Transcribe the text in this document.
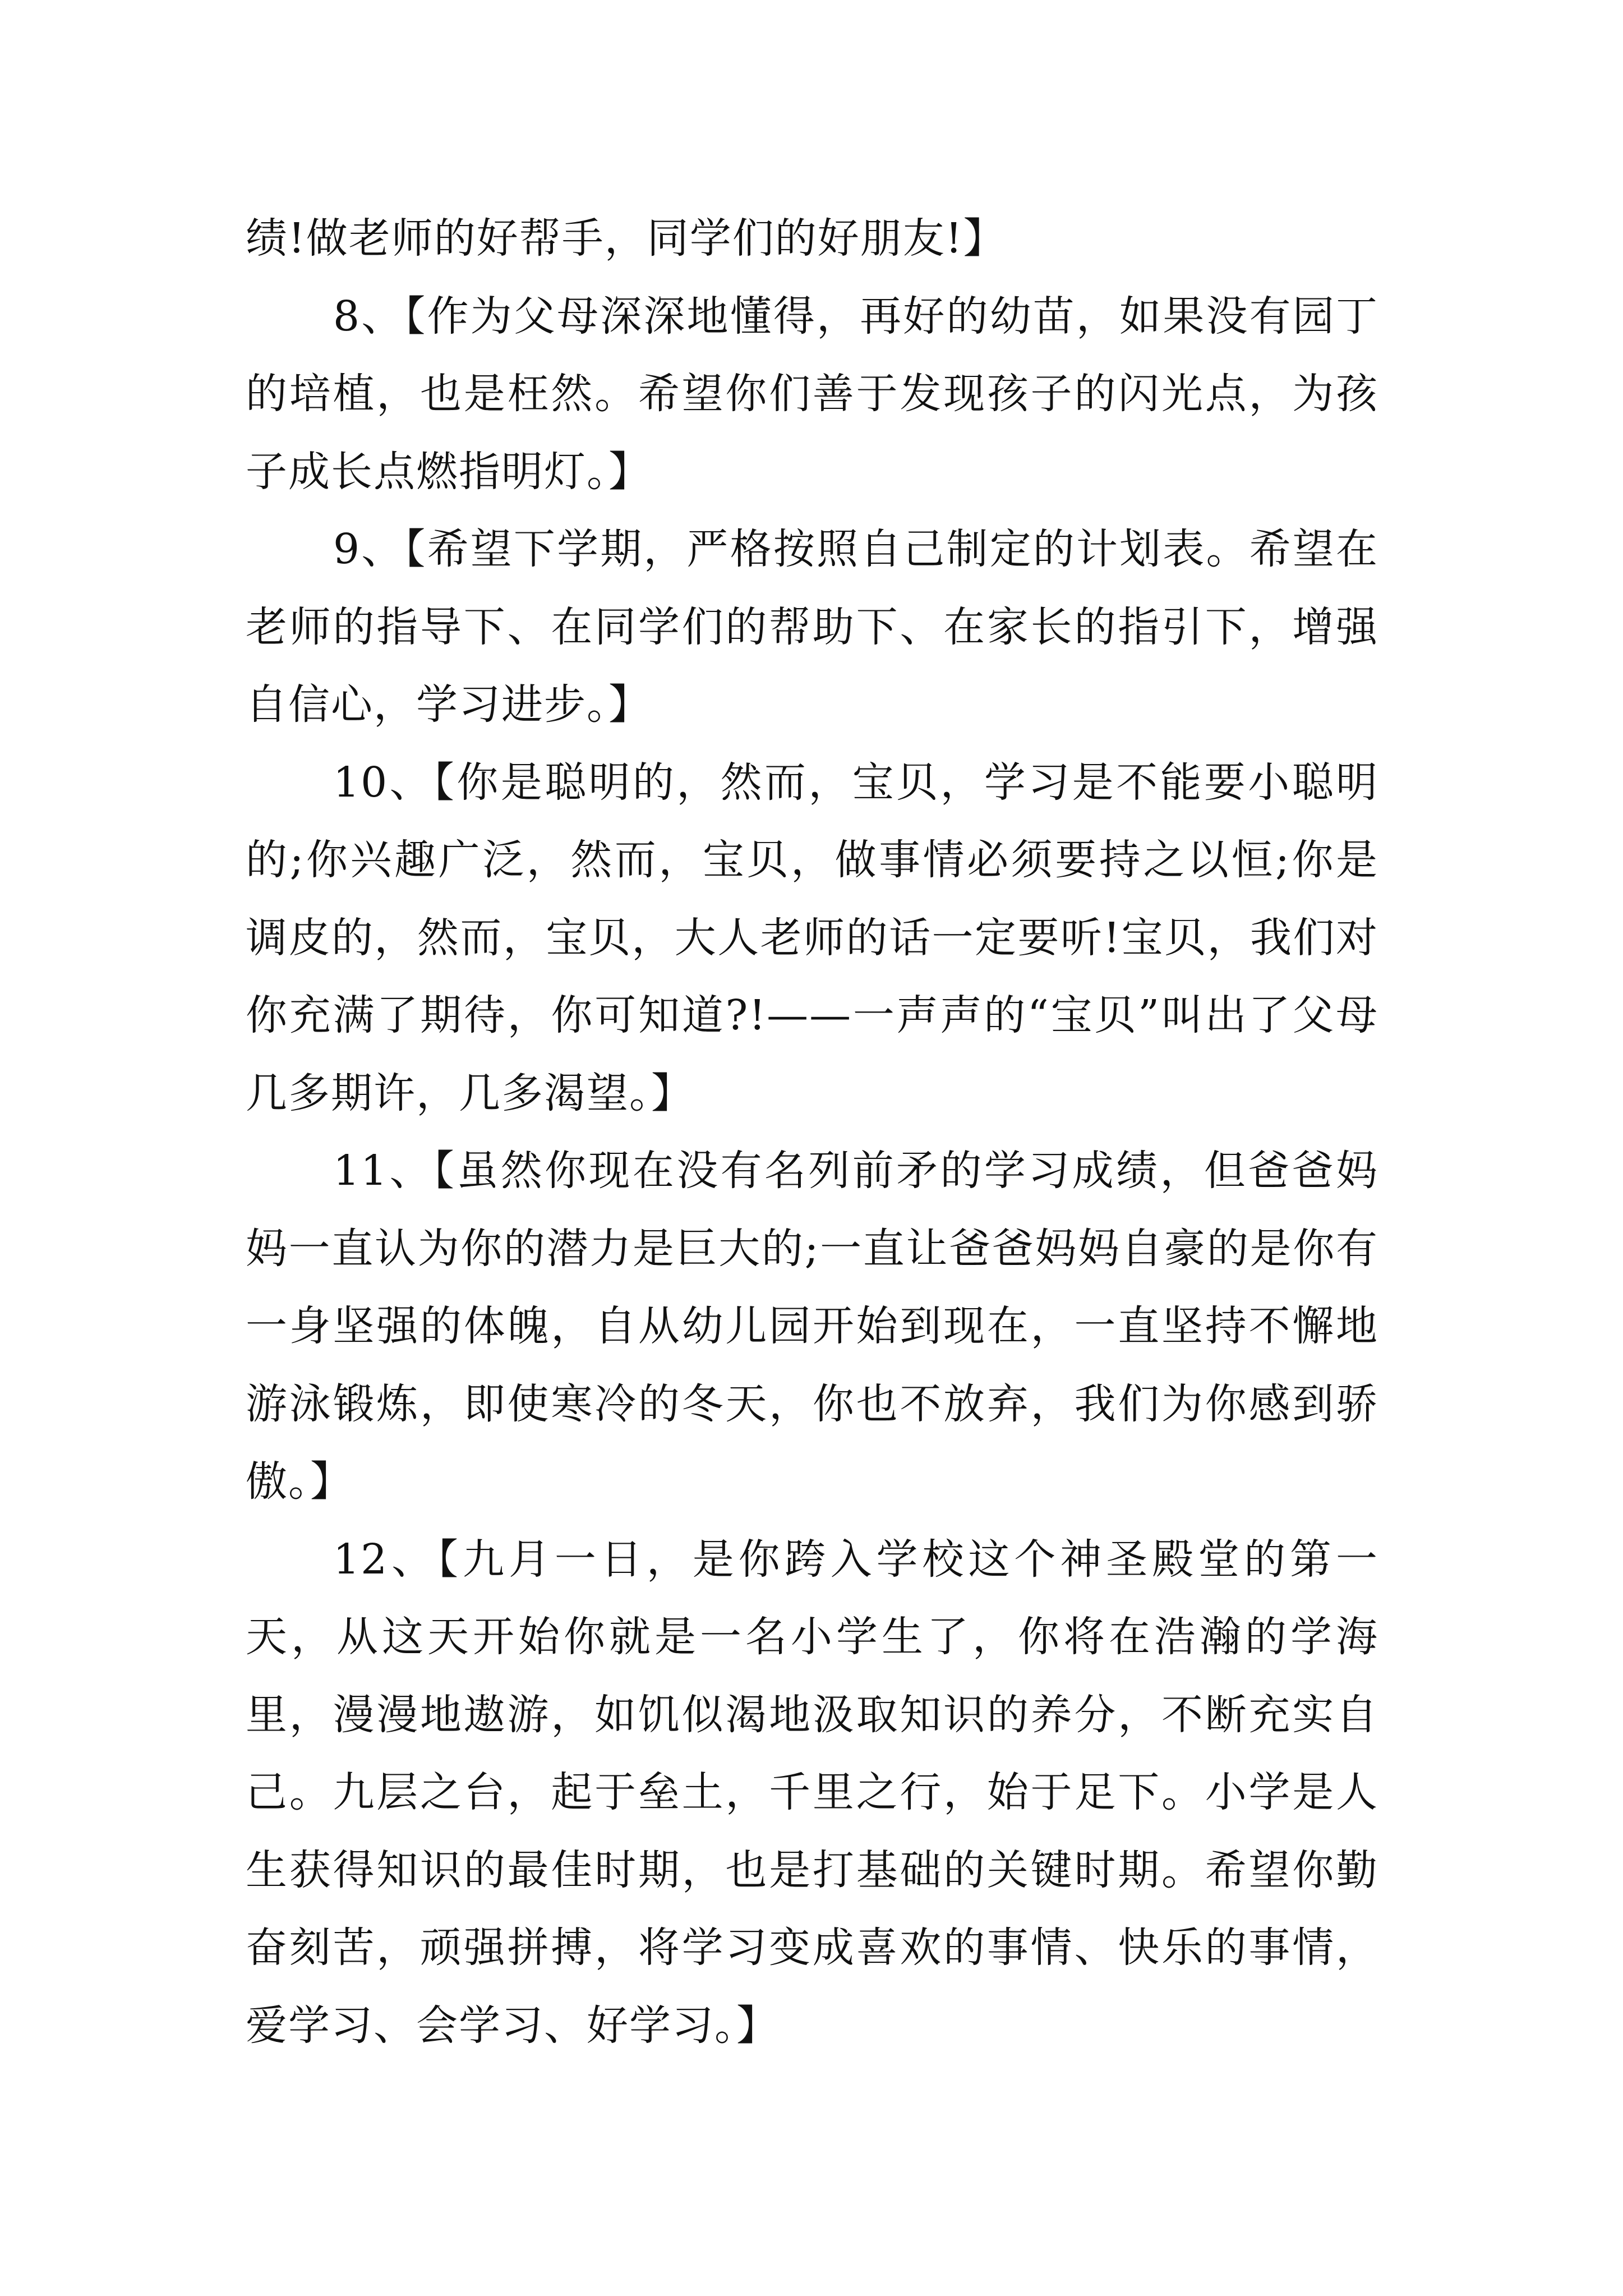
绩!做老师的好帮手，同学们的好朋友!】

8、【作为父母深深地懂得，再好的幼苗，如果没有园丁的培植，也是枉然。希望你们善于发现孩子的闪光点，为孩子成长点燃指明灯。】

9、【希望下学期，严格按照自己制定的计划表。希望在老师的指导下、在同学们的帮助下、在家长的指引下，增强自信心，学习进步。】

10、【你是聪明的，然而，宝贝，学习是不能要小聪明的;你兴趣广泛，然而，宝贝，做事情必须要持之以恒;你是调皮的，然而，宝贝，大人老师的话一定要听!宝贝，我们对你充满了期待，你可知道?!——一声声的“宝贝”叫出了父母几多期许，几多渴望。】

11、【虽然你现在没有名列前矛的学习成绩，但爸爸妈妈一直认为你的潜力是巨大的;一直让爸爸妈妈自豪的是你有一身坚强的体魄，自从幼儿园开始到现在，一直坚持不懈地游泳锻炼，即使寒冷的冬天，你也不放弃，我们为你感到骄傲。】

12、【九月一日，是你跨入学校这个神圣殿堂的第一天，从这天开始你就是一名小学生了，你将在浩瀚的学海里，漫漫地遨游，如饥似渴地汲取知识的养分，不断充实自己。九层之台，起于垒土，千里之行，始于足下。小学是人生获得知识的最佳时期，也是打基础的关键时期。希望你勤奋刻苦，顽强拼搏，将学习变成喜欢的事情、快乐的事情，爱学习、会学习、好学习。】
